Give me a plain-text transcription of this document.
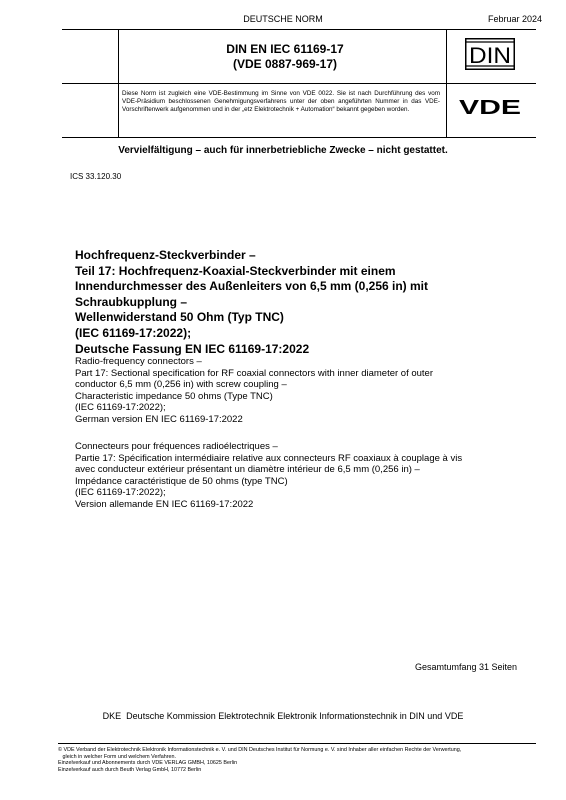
DEUTSCHE NORM	Februar 2024
DIN EN IEC 61169-17
(VDE 0887-969-17)	DIN
Diese Norm ist zugleich eine VDE-Bestimmung im Sinne von VDE 0022. Sie ist nach Durchführung des vom VDE-Präsidium beschlossenen Genehmigungsverfahrens unter der oben angeführten Nummer in das VDE-Vorschriftenwerk aufgenommen und in der „etz Elektrotechnik + Automation“ bekannt gegeben worden.	VDE
Vervielfältigung – auch für innerbetriebliche Zwecke – nicht gestattet.
ICS 33.120.30
Hochfrequenz-Steckverbinder –
Teil 17: Hochfrequenz-Koaxial-Steckverbinder mit einem
Innendurchmesser des Außenleiters von 6,5 mm (0,256 in) mit
Schraubkupplung –
Wellenwiderstand 50 Ohm (Typ TNC)
(IEC 61169-17:2022);
Deutsche Fassung EN IEC 61169-17:2022
Radio-frequency connectors –
Part 17: Sectional specification for RF coaxial connectors with inner diameter of outer
conductor 6,5 mm (0,256 in) with screw coupling –
Characteristic impedance 50 ohms (Type TNC)
(IEC 61169-17:2022);
German version EN IEC 61169-17:2022
Connecteurs pour fréquences radioélectriques –
Partie 17: Spécification intermédiaire relative aux connecteurs RF coaxiaux à couplage à vis
avec conducteur extérieur présentant un diamètre intérieur de 6,5 mm (0,256 in) –
Impédance caractéristique de 50 ohms (type TNC)
(IEC 61169-17:2022);
Version allemande EN IEC 61169-17:2022
Gesamtumfang 31 Seiten
DKE  Deutsche Kommission Elektrotechnik Elektronik Informationstechnik in DIN und VDE
© VDE Verband der Elektrotechnik Elektronik Informationstechnik e. V. und DIN Deutsches Institut für Normung e. V. sind Inhaber aller einfachen Rechte der Verwertung,
gleich in welcher Form und welchem Verfahren.
Einzelverkauf und Abonnements durch VDE VERLAG GMBH, 10625 Berlin
Einzelverkauf auch durch Beuth Verlag GmbH, 10772 Berlin
